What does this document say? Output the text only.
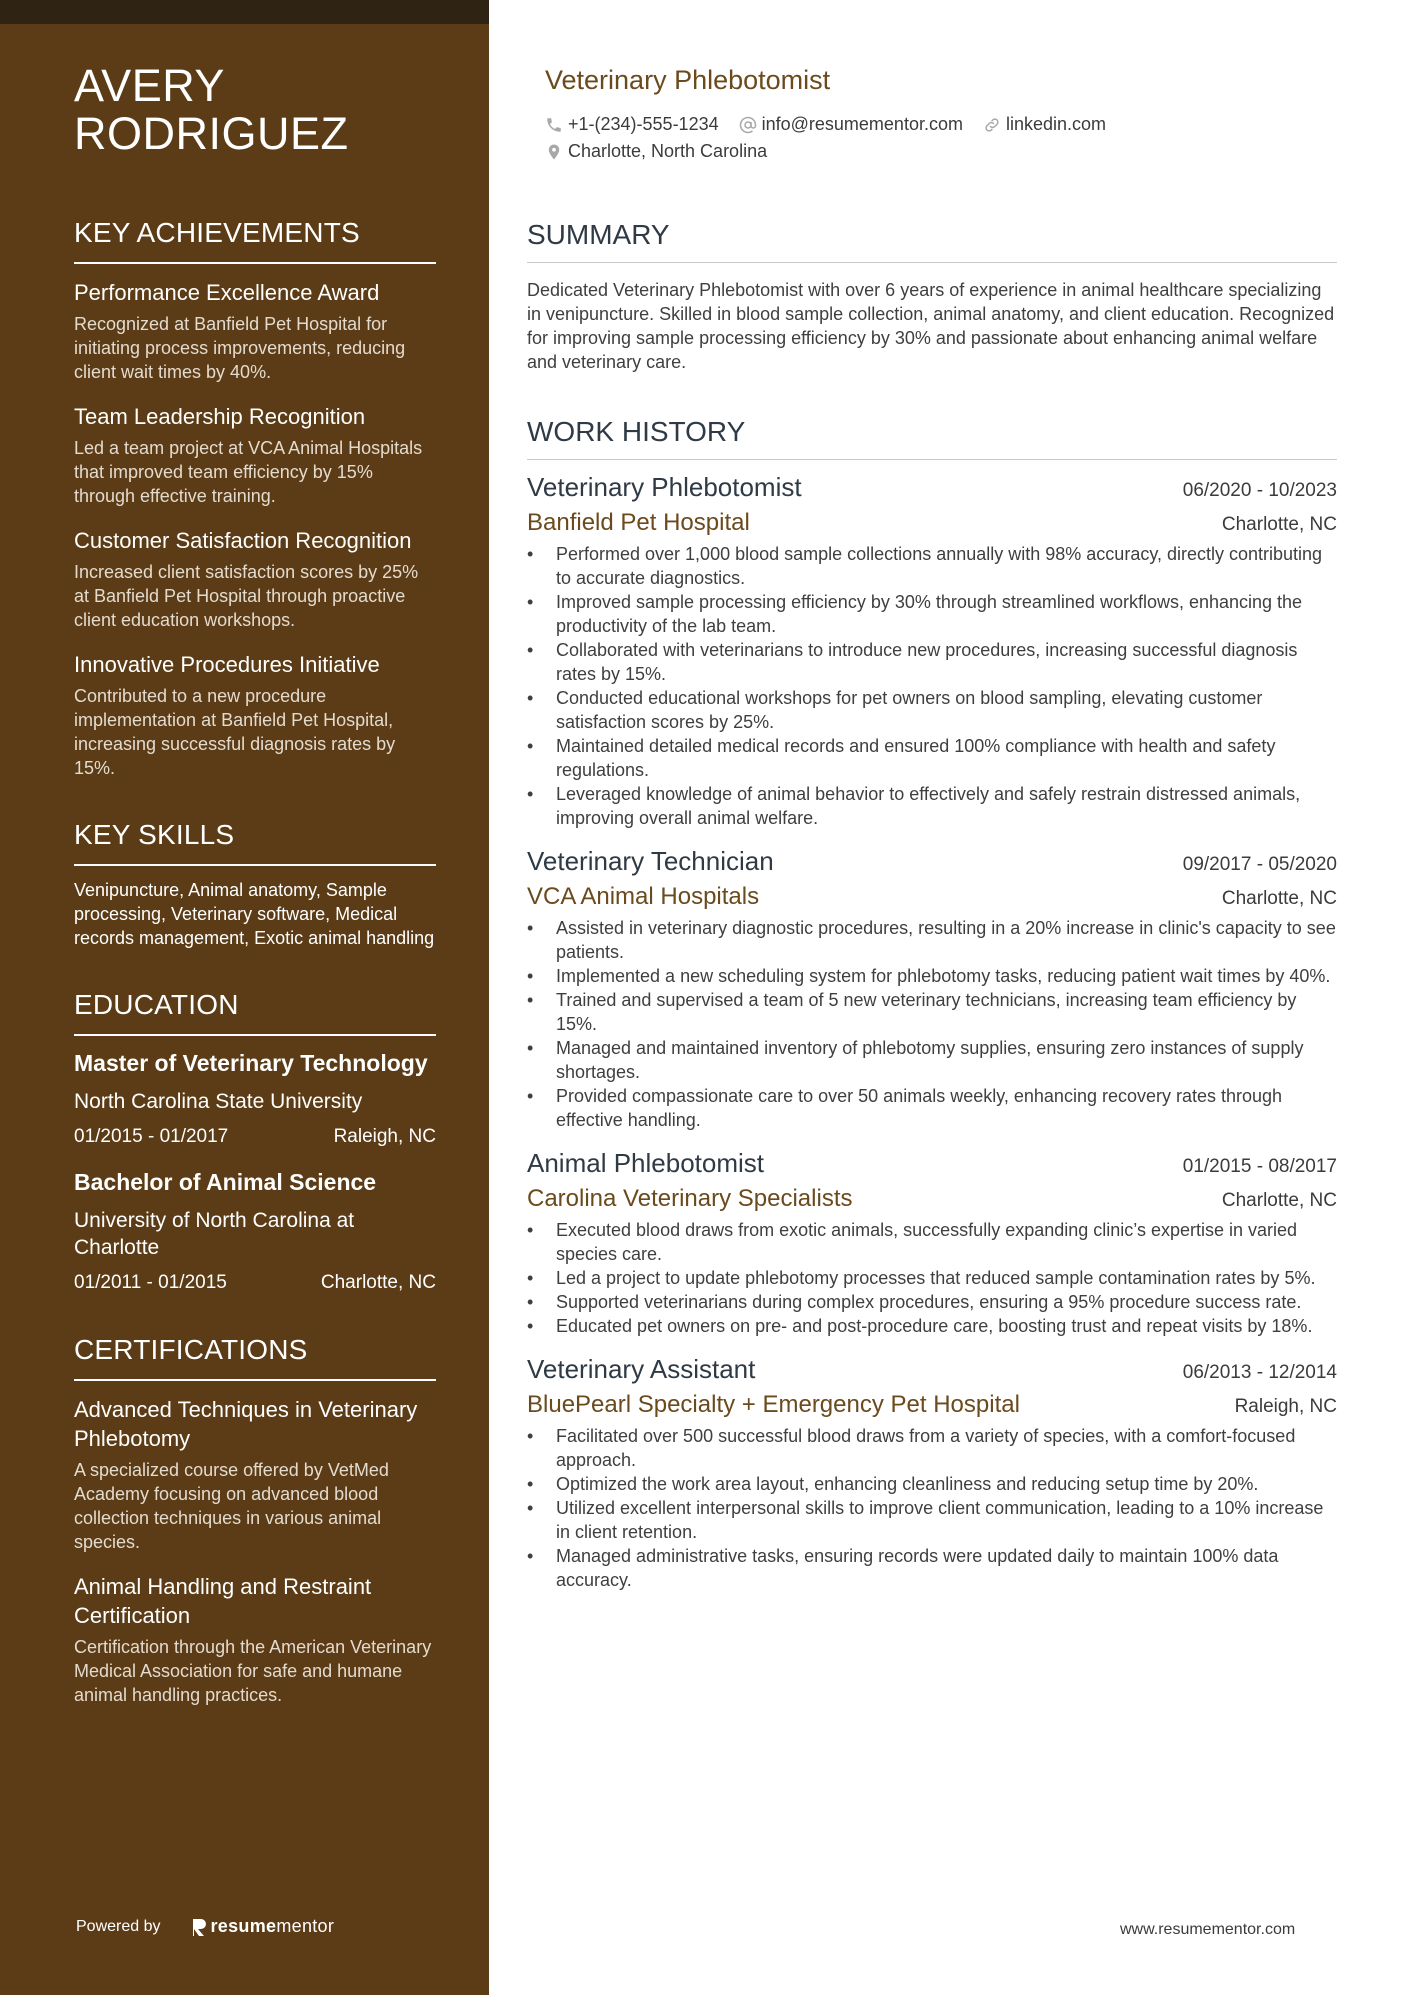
AVERY
RODRIGUEZ
KEY ACHIEVEMENTS
Performance Excellence Award
Recognized at Banfield Pet Hospital for initiating process improvements, reducing client wait times by 40%.
Team Leadership Recognition
Led a team project at VCA Animal Hospitals that improved team efficiency by 15% through effective training.
Customer Satisfaction Recognition
Increased client satisfaction scores by 25% at Banfield Pet Hospital through proactive client education workshops.
Innovative Procedures Initiative
Contributed to a new procedure implementation at Banfield Pet Hospital, increasing successful diagnosis rates by 15%.
KEY SKILLS
Venipuncture, Animal anatomy, Sample processing, Veterinary software, Medical records management, Exotic animal handling
EDUCATION
Master of Veterinary Technology
North Carolina State University
01/2015 - 01/2017	Raleigh, NC
Bachelor of Animal Science
University of North Carolina at Charlotte
01/2011 - 01/2015	Charlotte, NC
CERTIFICATIONS
Advanced Techniques in Veterinary Phlebotomy
A specialized course offered by VetMed Academy focusing on advanced blood collection techniques in various animal species.
Animal Handling and Restraint Certification
Certification through the American Veterinary Medical Association for safe and humane animal handling practices.
Powered by	resume mentor
Veterinary Phlebotomist
+1-(234)-555-1234 info@resumementor.com linkedin.com
Charlotte, North Carolina
SUMMARY
Dedicated Veterinary Phlebotomist with over 6 years of experience in animal healthcare specializing in venipuncture. Skilled in blood sample collection, animal anatomy, and client education. Recognized for improving sample processing efficiency by 30% and passionate about enhancing animal welfare and veterinary care.
WORK HISTORY
Veterinary Phlebotomist	06/2020 - 10/2023
Banfield Pet Hospital	Charlotte, NC
• Performed over 1,000 blood sample collections annually with 98% accuracy, directly contributing to accurate diagnostics.
• Improved sample processing efficiency by 30% through streamlined workflows, enhancing the productivity of the lab team.
• Collaborated with veterinarians to introduce new procedures, increasing successful diagnosis rates by 15%.
• Conducted educational workshops for pet owners on blood sampling, elevating customer satisfaction scores by 25%.
• Maintained detailed medical records and ensured 100% compliance with health and safety regulations.
• Leveraged knowledge of animal behavior to effectively and safely restrain distressed animals, improving overall animal welfare.
Veterinary Technician	09/2017 - 05/2020
VCA Animal Hospitals	Charlotte, NC
• Assisted in veterinary diagnostic procedures, resulting in a 20% increase in clinic's capacity to see patients.
• Implemented a new scheduling system for phlebotomy tasks, reducing patient wait times by 40%.
• Trained and supervised a team of 5 new veterinary technicians, increasing team efficiency by 15%.
• Managed and maintained inventory of phlebotomy supplies, ensuring zero instances of supply shortages.
• Provided compassionate care to over 50 animals weekly, enhancing recovery rates through effective handling.
Animal Phlebotomist	01/2015 - 08/2017
Carolina Veterinary Specialists	Charlotte, NC
• Executed blood draws from exotic animals, successfully expanding clinic’s expertise in varied species care.
• Led a project to update phlebotomy processes that reduced sample contamination rates by 5%.
• Supported veterinarians during complex procedures, ensuring a 95% procedure success rate.
• Educated pet owners on pre- and post-procedure care, boosting trust and repeat visits by 18%.
Veterinary Assistant	06/2013 - 12/2014
BluePearl Specialty + Emergency Pet Hospital	Raleigh, NC
• Facilitated over 500 successful blood draws from a variety of species, with a comfort-focused approach.
• Optimized the work area layout, enhancing cleanliness and reducing setup time by 20%.
• Utilized excellent interpersonal skills to improve client communication, leading to a 10% increase in client retention.
• Managed administrative tasks, ensuring records were updated daily to maintain 100% data accuracy.
www.resumementor.com
